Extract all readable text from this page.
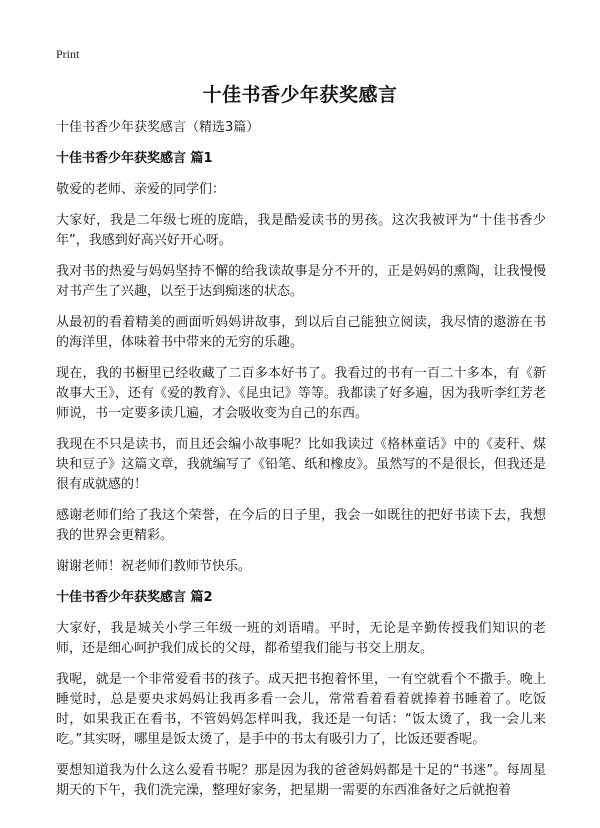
Print
十佳书香少年获奖感言

十佳书香少年获奖感言（精选3篇）

十佳书香少年获奖感言 篇1

敬爱的老师、亲爱的同学们：

大家好，我是二年级七班的庞皓，我是酷爱读书的男孩。这次我被评为“十佳书香少年”，我感到好高兴好开心呀。

我对书的热爱与妈妈坚持不懈的给我读故事是分不开的，正是妈妈的熏陶，让我慢慢对书产生了兴趣，以至于达到痴迷的状态。

从最初的看着精美的画面听妈妈讲故事，到以后自己能独立阅读，我尽情的遨游在书的海洋里，体味着书中带来的无穷的乐趣。

现在，我的书橱里已经收藏了二百多本好书了。我看过的书有一百二十多本，有《新故事大王》，还有《爱的教育》、《昆虫记》等等。我都读了好多遍，因为我听李红芳老师说，书一定要多读几遍，才会吸收变为自己的东西。

我现在不只是读书，而且还会编小故事呢？比如我读过《格林童话》中的《麦秆、煤块和豆子》这篇文章，我就编写了《铅笔、纸和橡皮》。虽然写的不是很长，但我还是很有成就感的！

感谢老师们给了我这个荣誉，在今后的日子里，我会一如既往的把好书读下去，我想我的世界会更精彩。

谢谢老师！祝老师们教师节快乐。

十佳书香少年获奖感言 篇2

大家好，我是城关小学三年级一班的刘语晴。平时，无论是辛勤传授我们知识的老师，还是细心呵护我们成长的父母，都希望我们能与书交上朋友。

我呢，就是一个非常爱看书的孩子。成天把书抱着怀里，一有空就看个不撒手。晚上睡觉时，总是要央求妈妈让我再多看一会儿，常常看着看着就捧着书睡着了。吃饭时，如果我正在看书，不管妈妈怎样叫我，我还是一句话：“饭太烫了，我一会儿来吃。”其实呀，哪里是饭太烫了，是手中的书太有吸引力了，比饭还要香呢。

要想知道我为什么这么爱看书呢？那是因为我的爸爸妈妈都是十足的“书迷”。每周星期天的下午，我们洗完澡，整理好家务，把星期一需要的东西准备好之后就抱着
